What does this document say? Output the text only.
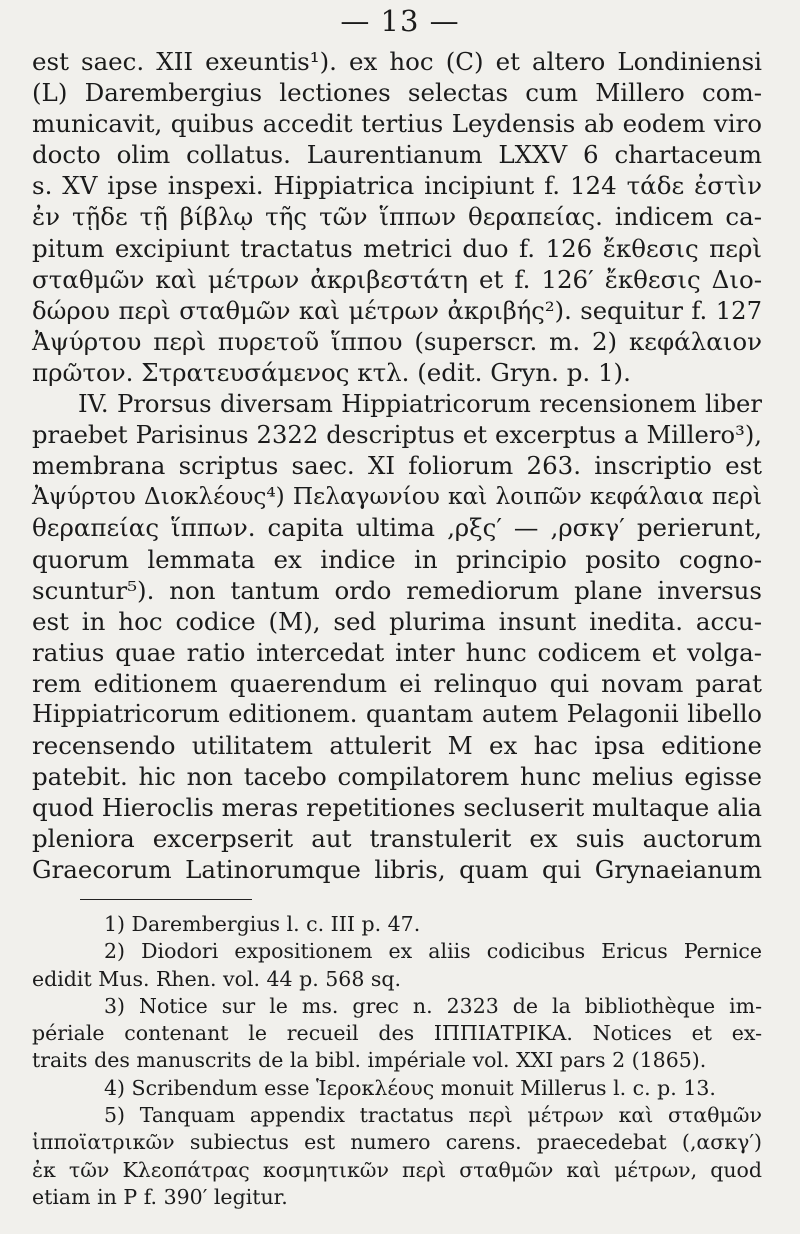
— 13 —
est saec. XII exeuntis¹). ex hoc (C) et altero Londiniensi
(L) Darembergius lectiones selectas cum Millero com-
municavit, quibus accedit tertius Leydensis ab eodem viro
docto olim collatus. Laurentianum LXXV 6 chartaceum
s. XV ipse inspexi. Hippiatrica incipiunt f. 124 τάδε ἐστὶν
ἐν τῇδε τῇ βίβλῳ τῆς τῶν ἵππων θεραπείας. indicem ca-
pitum excipiunt tractatus metrici duo f. 126 ἔκθεσις περὶ
σταθμῶν καὶ μέτρων ἀκριβεστάτη et f. 126′ ἔκθεσις Διο-
δώρου περὶ σταθμῶν καὶ μέτρων ἀκριβής²). sequitur f. 127
Ἀψύρτου περὶ πυρετοῦ ἵππου (superscr. m. 2) κεφάλαιον
πρῶτον. Στρατευσάμενος κτλ. (edit. Gryn. p. 1).
IV. Prorsus diversam Hippiatricorum recensionem liber
praebet Parisinus 2322 descriptus et excerptus a Millero³),
membrana scriptus saec. XI foliorum 263. inscriptio est
Ἀψύρτου Διοκλέους⁴) Πελαγωνίου καὶ λοιπῶν κεφάλαια περὶ
θεραπείας ἵππων. capita ultima ‚ρξς′ — ‚ρσκγ′ perierunt,
quorum lemmata ex indice in principio posito cogno-
scuntur⁵). non tantum ordo remediorum plane inversus
est in hoc codice (M), sed plurima insunt inedita. accu-
ratius quae ratio intercedat inter hunc codicem et volga-
rem editionem quaerendum ei relinquo qui novam parat
Hippiatricorum editionem. quantam autem Pelagonii libello
recensendo utilitatem attulerit M ex hac ipsa editione
patebit. hic non tacebo compilatorem hunc melius egisse
quod Hieroclis meras repetitiones secluserit multaque alia
pleniora excerpserit aut transtulerit ex suis auctorum
Graecorum Latinorumque libris, quam qui Grynaeianum
1) Darembergius l. c. III p. 47.
2) Diodori expositionem ex aliis codicibus Ericus Pernice
edidit Mus. Rhen. vol. 44 p. 568 sq.
3) Notice sur le ms. grec n. 2323 de la bibliothèque im-
périale contenant le recueil des ΙΠΠΙΑΤΡΙΚΑ. Notices et ex-
traits des manuscrits de la bibl. impériale vol. XXI pars 2 (1865).
4) Scribendum esse Ἱεροκλέους monuit Millerus l. c. p. 13.
5) Tanquam appendix tractatus περὶ μέτρων καὶ σταθμῶν
ἱπποϊατρικῶν subiectus est numero carens. praecedebat (‚ασκγ′)
ἐκ τῶν Κλεοπάτρας κοσμητικῶν περὶ σταθμῶν καὶ μέτρων, quod
etiam in P f. 390′ legitur.
